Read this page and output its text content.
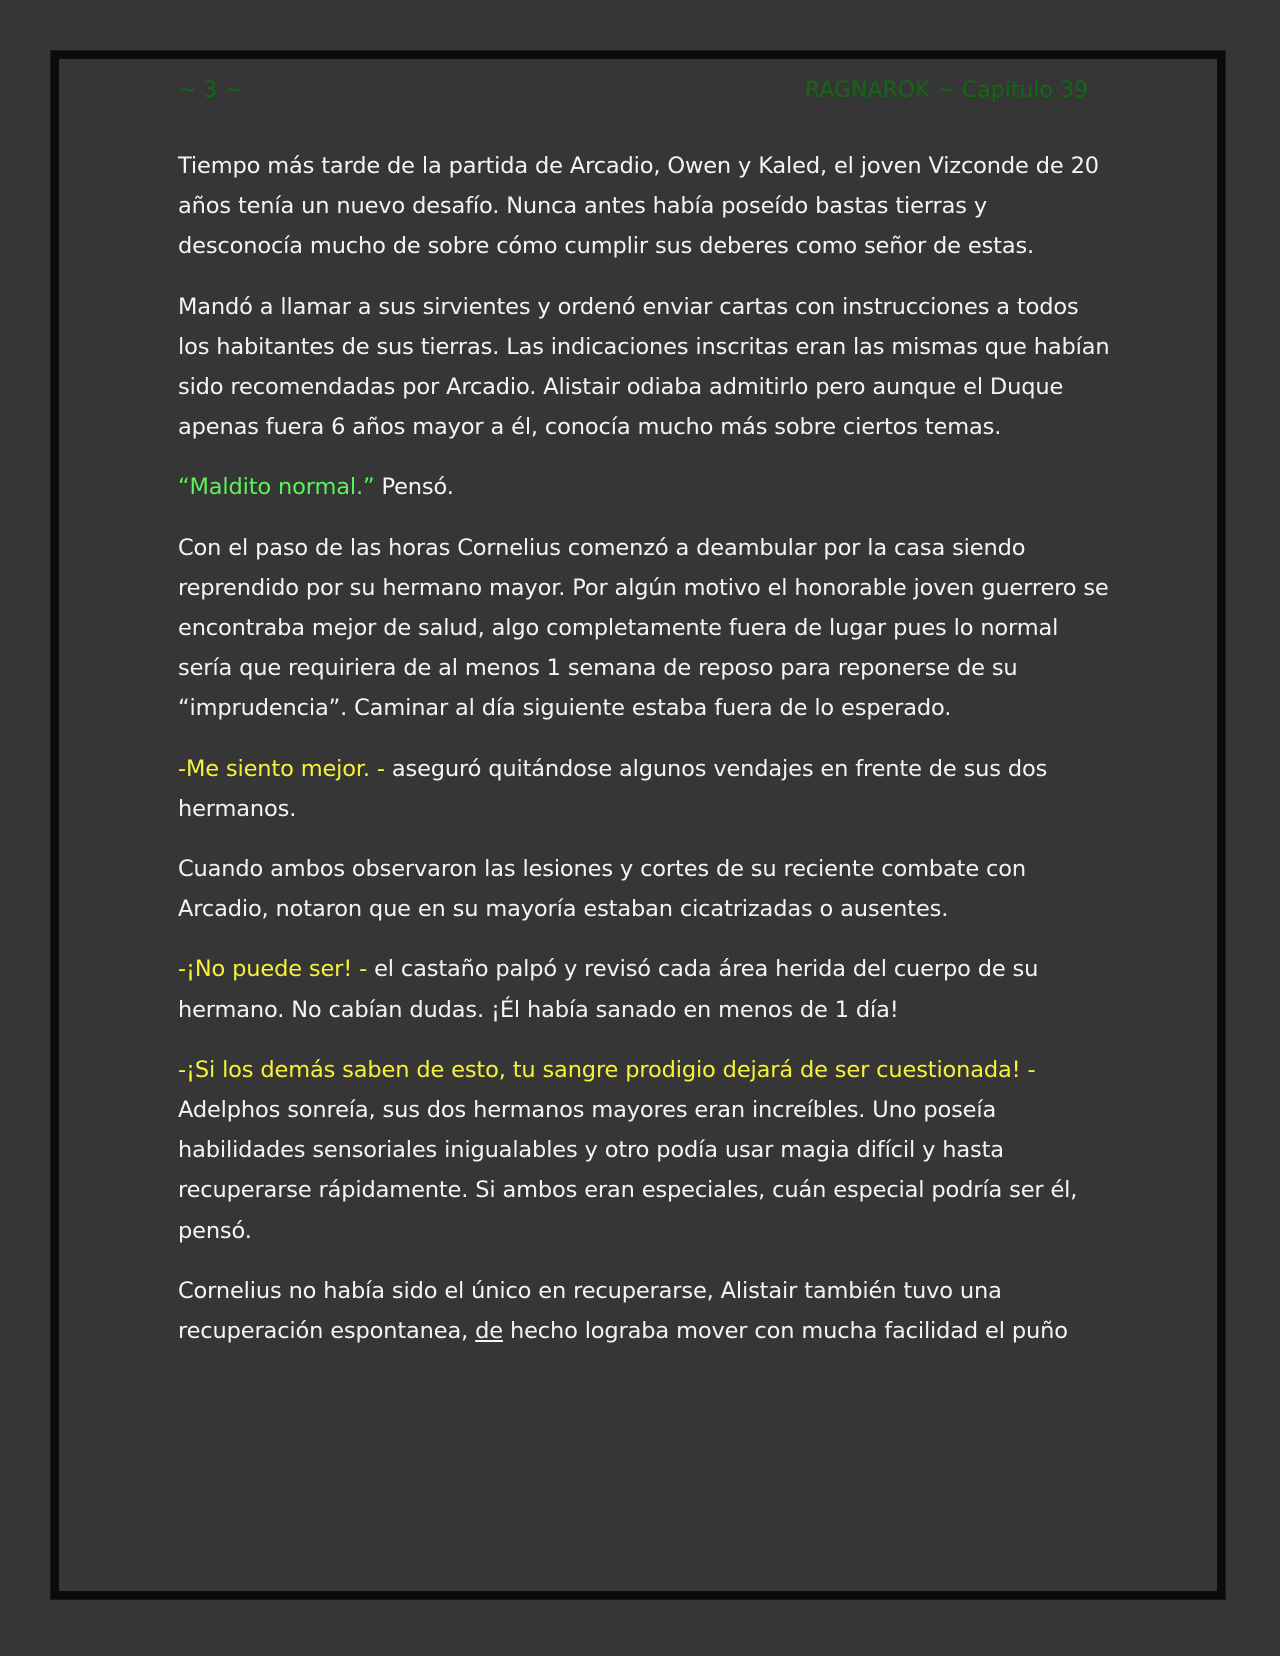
~ 3 ~	RAGNAROK ~ Capítulo 39

Tiempo más tarde de la partida de Arcadio, Owen y Kaled, el joven Vizconde de 20 años tenía un nuevo desafío. Nunca antes había poseído bastas tierras y desconocía mucho de sobre cómo cumplir sus deberes como señor de estas.

Mandó a llamar a sus sirvientes y ordenó enviar cartas con instrucciones a todos los habitantes de sus tierras. Las indicaciones inscritas eran las mismas que habían sido recomendadas por Arcadio. Alistair odiaba admitirlo pero aunque el Duque apenas fuera 6 años mayor a él, conocía mucho más sobre ciertos temas.

“Maldito normal.” Pensó.

Con el paso de las horas Cornelius comenzó a deambular por la casa siendo reprendido por su hermano mayor. Por algún motivo el honorable joven guerrero se encontraba mejor de salud, algo completamente fuera de lugar pues lo normal sería que requiriera de al menos 1 semana de reposo para reponerse de su “imprudencia”. Caminar al día siguiente estaba fuera de lo esperado.

-Me siento mejor. - aseguró quitándose algunos vendajes en frente de sus dos hermanos.

Cuando ambos observaron las lesiones y cortes de su reciente combate con Arcadio, notaron que en su mayoría estaban cicatrizadas o ausentes.

-¡No puede ser! - el castaño palpó y revisó cada área herida del cuerpo de su hermano. No cabían dudas. ¡Él había sanado en menos de 1 día!

-¡Si los demás saben de esto, tu sangre prodigio dejará de ser cuestionada! - Adelphos sonreía, sus dos hermanos mayores eran increíbles. Uno poseía habilidades sensoriales inigualables y otro podía usar magia difícil y hasta recuperarse rápidamente. Si ambos eran especiales, cuán especial podría ser él, pensó.

Cornelius no había sido el único en recuperarse, Alistair también tuvo una recuperación espontanea, de hecho lograba mover con mucha facilidad el puño
